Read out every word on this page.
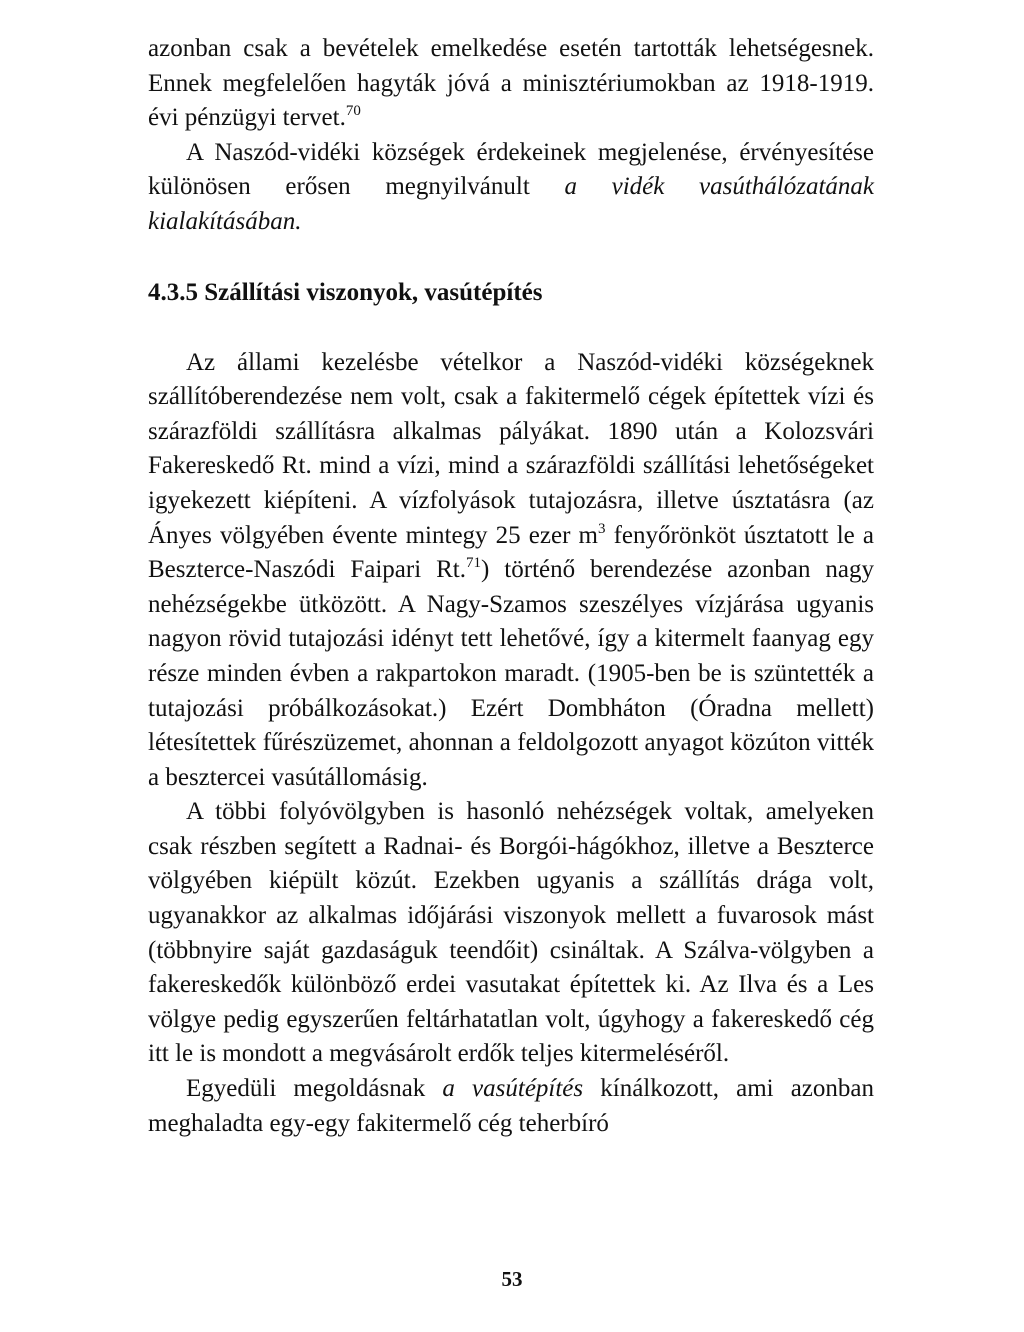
azonban csak a bevételek emelkedése esetén tartották lehetségesnek. Ennek megfelelően hagyták jóvá a minisztériumokban az 1918-1919. évi pénzügyi tervet.$^{70}$

A Naszód-vidéki községek érdekeinek megjelenése, érvényesítése különösen erősen megnyilvánult a vidék vasúthálózatának kialakításában.

4.3.5 Szállítási viszonyok, vasútépítés

Az állami kezelésbe vételkor a Naszód-vidéki községeknek szállítóberendezése nem volt, csak a fakitermelő cégek építettek vízi és szárazföldi szállításra alkalmas pályákat. 1890 után a Kolozsvári Fakereskedő Rt. mind a vízi, mind a szárazföldi szállítási lehetőségeket igyekezett kiépíteni. A vízfolyások tutajozásra, illetve úsztatásra (az Ányes völgyében évente mintegy 25 ezer $m^3$ fenyőrönköt úsztatott le a Beszterce-Naszódi Faipari Rt.$^{71}$) történő berendezése azonban nagy nehézségekbe ütközött. A Nagy-Szamos szeszélyes vízjárása ugyanis nagyon rövid tutajozási idényt tett lehetővé, így a kitermelt faanyag egy része minden évben a rakpartokon maradt. (1905-ben be is szüntették a tutajozási próbálkozásokat.) Ezért Dombháton (Óradna mellett) létesítettek fűrészüzemet, ahonnan a feldolgozott anyagot közúton vitték a besztercei vasútállomásig.

A többi folyóvölgyben is hasonló nehézségek voltak, amelyeken csak részben segített a Radnai- és Borgói-hágókhoz, illetve a Beszterce völgyében kiépült közút. Ezekben ugyanis a szállítás drága volt, ugyanakkor az alkalmas időjárási viszonyok mellett a fuvarosok mást (többnyire saját gazdaságuk teendőit) csináltak. A Szálva-völgyben a fakereskedők különböző erdei vasutakat építettek ki. Az Ilva és a Les völgye pedig egyszerűen feltárhatatlan volt, úgyhogy a fakereskedő cég itt le is mondott a megvásárolt erdők teljes kitermeléséről.

Egyedüli megoldásnak a vasútépítés kínálkozott, ami azonban meghaladta egy-egy fakitermelő cég teherbíró

53
